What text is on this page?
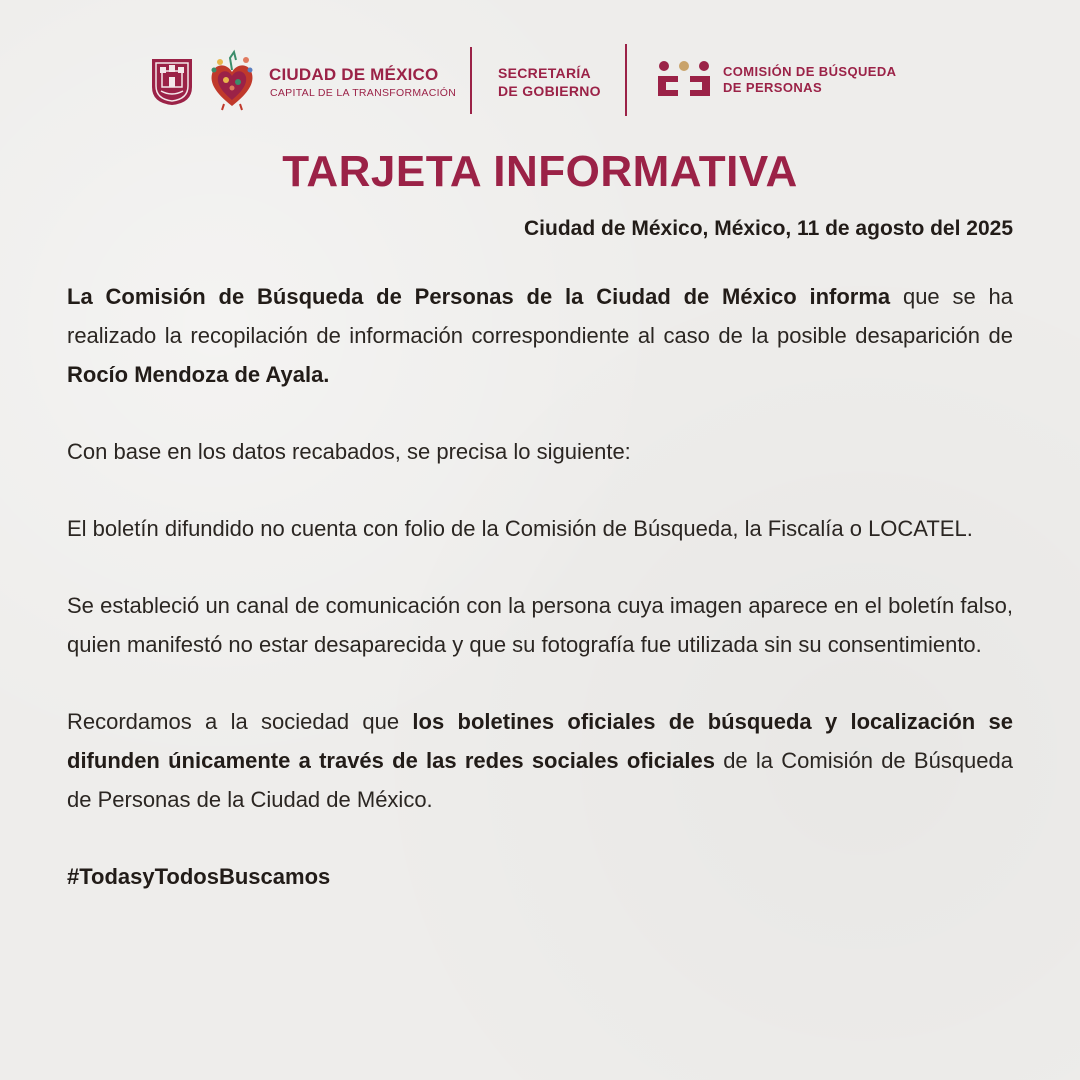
CIUDAD DE MÉXICO
CAPITAL DE LA TRANSFORMACIÓN
SECRETARÍA
DE GOBIERNO
COMISIÓN DE BÚSQUEDA
DE PERSONAS
TARJETA INFORMATIVA
Ciudad de México, México, 11 de agosto del 2025

La Comisión de Búsqueda de Personas de la Ciudad de México informa que se ha realizado la recopilación de información correspondiente al caso de la posible desaparición de Rocío Mendoza de Ayala.

Con base en los datos recabados, se precisa lo siguiente:

El boletín difundido no cuenta con folio de la Comisión de Búsqueda, la Fiscalía o LOCATEL.

Se estableció un canal de comunicación con la persona cuya imagen aparece en el boletín falso, quien manifestó no estar desaparecida y que su fotografía fue utilizada sin su consentimiento.

Recordamos a la sociedad que los boletines oficiales de búsqueda y localización se difunden únicamente a través de las redes sociales oficiales de la Comisión de Búsqueda de Personas de la Ciudad de México.

#TodasyTodosBuscamos
